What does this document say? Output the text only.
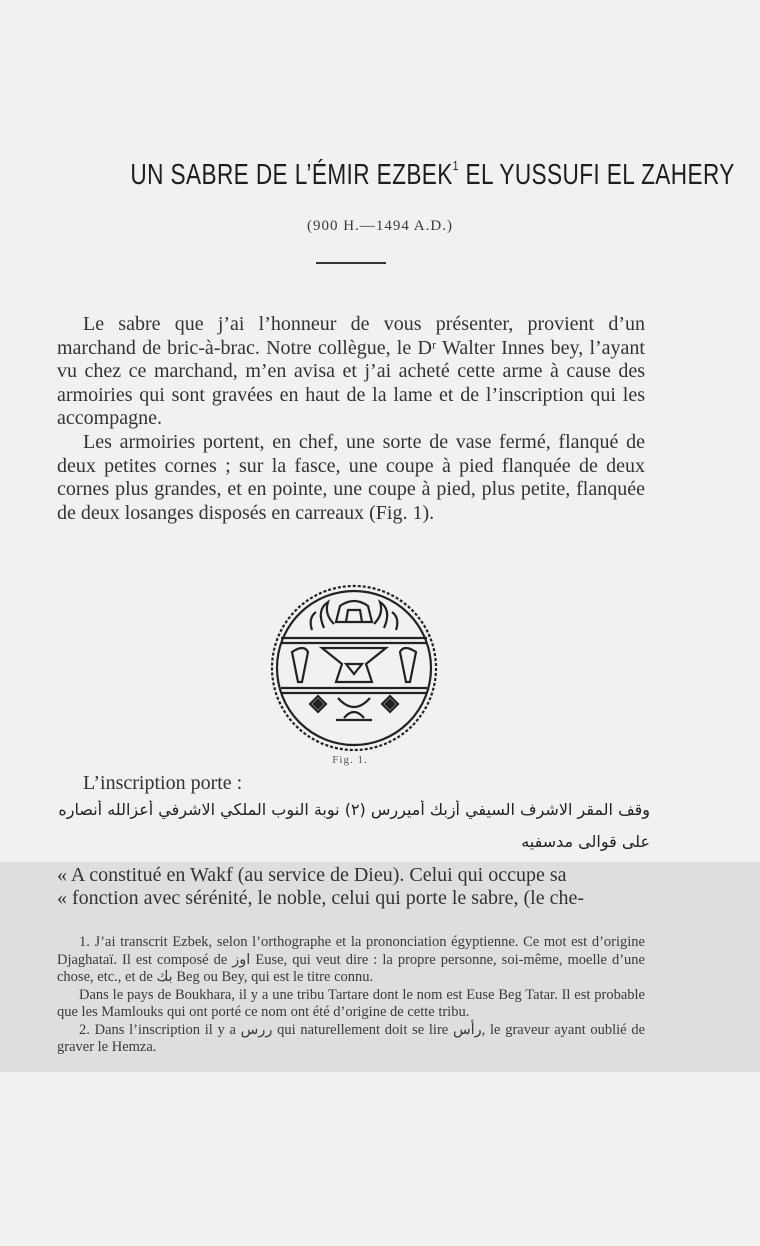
UN SABRE DE L’ÉMIR EZBEK$^1$ EL YUSSUFI EL ZAHERY
(900 H.—1494 A.D.)

Le sabre que j’ai l’honneur de vous présenter, provient d’un marchand de bric-à-brac. Notre collègue, le Dʳ Walter Innes bey, l’ayant vu chez ce marchand, m’en avisa et j’ai acheté cette arme à cause des armoiries qui sont gravées en haut de la lame et de l’inscription qui les accompagne.

Les armoiries portent, en chef, une sorte de vase fermé, flanqué de deux petites cornes ; sur la fasce, une coupe à pied flanquée de deux cornes plus grandes, et en pointe, une coupe à pied, plus petite, flanquée de deux losanges disposés en carreaux (Fig. 1).

Fig. 1.
L’inscription porte :
وقف المقر الاشرف السيفي أزبك أميررس (٢) نوبة النوب الملكي الاشرفي أعزالله أنصاره
على قوالى مدسفيه

« A constitué en Wakf (au service de Dieu). Celui qui occupe sa

« fonction avec sérénité, le noble, celui qui porte le sabre, (le che-

1. J’ai transcrit Ezbek, selon l’orthographe et la prononciation égyptienne. Ce mot est d’origine Djaghataï. Il est composé de اوز Euse, qui veut dire : la propre personne, soi-même, moelle d’une chose, etc., et de بك Beg ou Bey, qui est le titre connu.

Dans le pays de Boukhara, il y a une tribu Tartare dont le nom est Euse Beg Tatar. Il est probable que les Mamlouks qui ont porté ce nom ont été d’origine de cette tribu.

2. Dans l’inscription il y a ررس qui naturellement doit se lire رأس, le graveur ayant oublié de graver le Hemza.
